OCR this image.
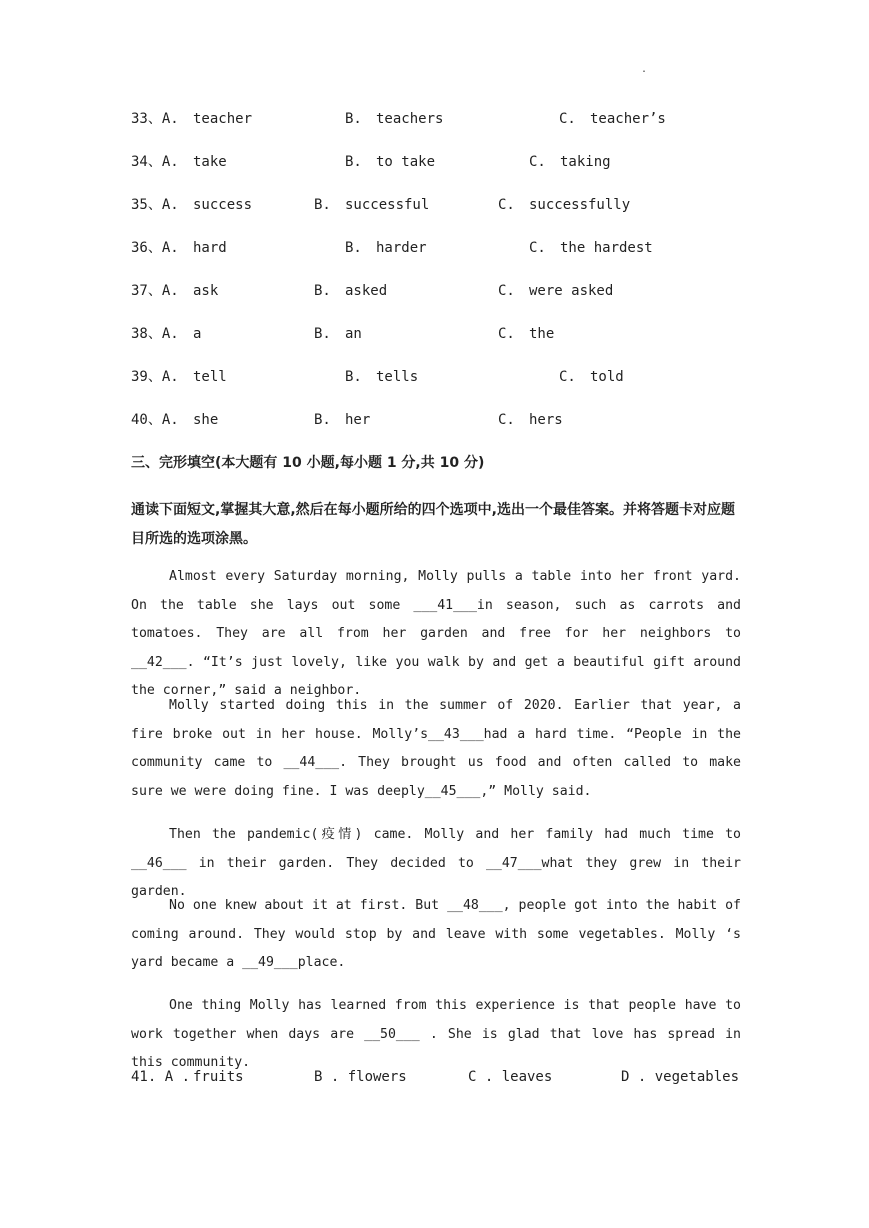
.
33、A. teacher	B. teachers	C. teacher’s
34、A. take	B. to take	C. taking
35、A. success	B. successful	C. successfully
36、A. hard	B. harder	C. the hardest
37、A. ask	B. asked	C. were asked
38、A. a	B. an	C. the
39、A. tell	B. tells	C. told
40、A. she	B. her	C. hers
三、完形填空(本大题有 10 小题,每小题 1 分,共 10 分)
通读下面短文,掌握其大意,然后在每小题所给的四个选项中,选出一个最佳答案。并将答题卡对应题目所选的选项涂黑。
Almost every Saturday morning, Molly pulls a table into her front yard. On the table she lays out some ___41___in season, such as carrots and tomatoes. They are all from her garden and free for her neighbors to __42___. “It’s just lovely, like you walk by and get a beautiful gift around the corner,” said a neighbor.
Molly started doing this in the summer of 2020. Earlier that year, a fire broke out in her house. Molly’s__43___had a hard time. “People in the community came to __44___. They brought us food and often called to make sure we were doing fine. I was deeply__45___,” Molly said.
Then the pandemic(疫情) came. Molly and her family had much time to __46___ in their garden. They decided to __47___what they grew in their garden.
No one knew about it at first. But __48___, people got into the habit of coming around. They would stop by and leave with some vegetables. Molly ‘s yard became a __49___place.
One thing Molly has learned from this experience is that people have to work together when days are __50___ . She is glad that love has spread in this community.
41. A . fruits	B . flowers	C . leaves	D . vegetables
